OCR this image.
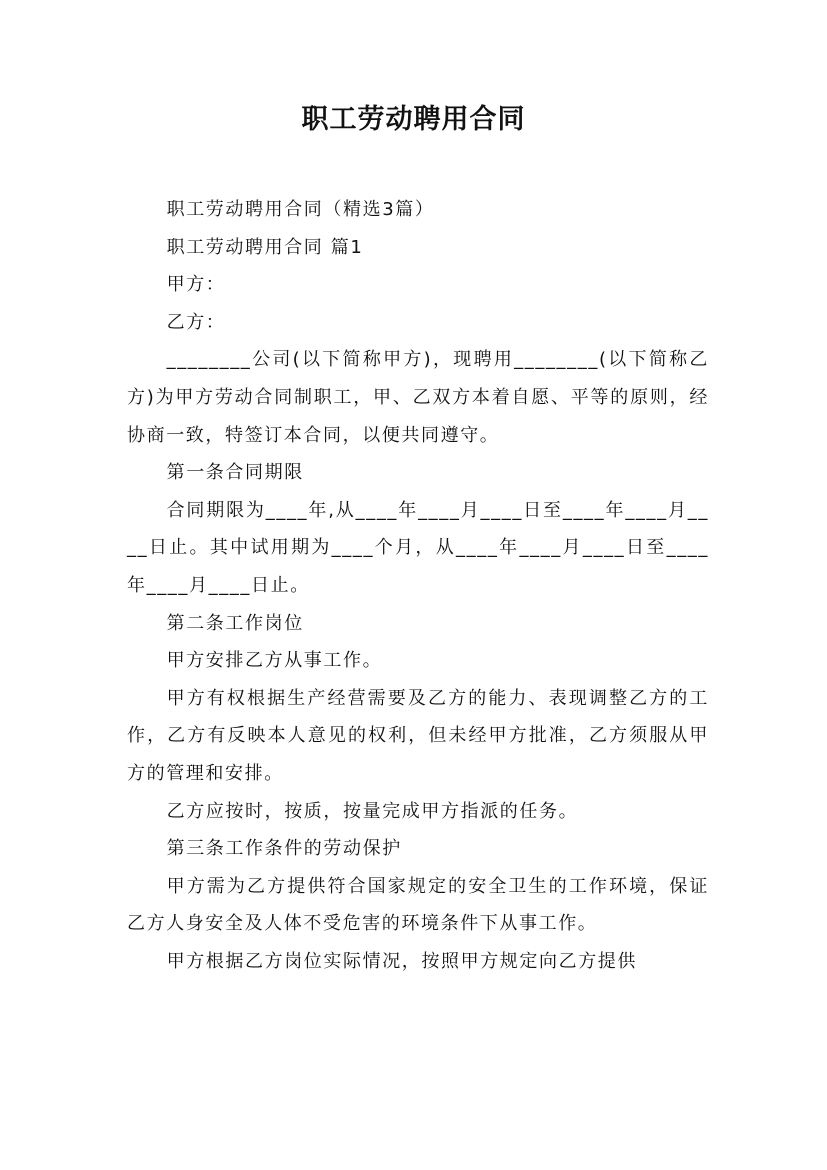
职工劳动聘用合同

职工劳动聘用合同（精选3篇）

职工劳动聘用合同 篇1

甲方：

乙方：

________公司(以下简称甲方)，现聘用________(以下简称乙方)为甲方劳动合同制职工，甲、乙双方本着自愿、平等的原则，经协商一致，特签订本合同，以便共同遵守。

第一条合同期限

合同期限为____年,从____年____月____日至____年____月____日止。其中试用期为____个月，从____年____月____日至____年____月____日止。

第二条工作岗位

甲方安排乙方从事工作。

甲方有权根据生产经营需要及乙方的能力、表现调整乙方的工作，乙方有反映本人意见的权利，但未经甲方批准，乙方须服从甲方的管理和安排。

乙方应按时，按质，按量完成甲方指派的任务。

第三条工作条件的劳动保护

甲方需为乙方提供符合国家规定的安全卫生的工作环境，保证乙方人身安全及人体不受危害的环境条件下从事工作。

甲方根据乙方岗位实际情况，按照甲方规定向乙方提供
